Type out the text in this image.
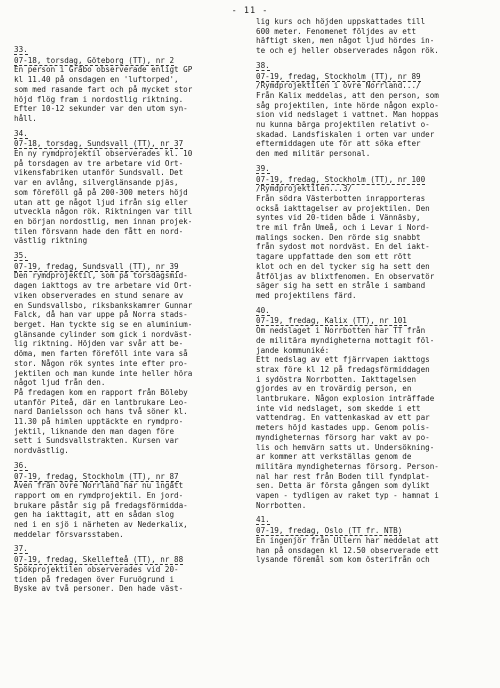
- 11 -
33.
07-18, torsdag, Göteborg (TT), nr 2
En person i Gråbo observerade enligt GP
kl 11.40 på onsdagen en 'luftorped',
som med rasande fart och på mycket stor
höjd flög fram i nordostlig riktning.
Efter 10-12 sekunder var den utom syn-
håll.
34.
07-18, torsdag, Sundsvall (TT), nr 37
En ny rymdprojektil observerades kl. 10
på torsdagen av tre arbetare vid Ort-
vikensfabriken utanför Sundsvall. Det
var en avlång, silverglänsande pjäs,
som föreföll gå på 200-300 meters höjd
utan att ge något ljud ifrån sig eller
utveckla någon rök. Riktningen var till
en början nordostlig, men innan projek-
tilen försvann hade den fått en nord-
västlig riktning
35.
07-19, fredag, Sundsvall (TT), nr 39
Den rymdprojektil, som på torsdagsmid-
dagen iakttogs av tre arbetare vid Ort-
viken observerades en stund senare av
en Sundsvallsbo, riksbankskamrer Gunnar
Falck, då han var uppe på Norra stads-
berget. Han tyckte sig se en aluminium-
glänsande cylinder som gick i nordväst-
lig riktning. Höjden var svår att be-
döma, men farten föreföll inte vara så
stor. Någon rök syntes inte efter pro-
jektilen och man kunde inte heller höra
något ljud från den.
På fredagen kom en rapport från Böleby
utanför Piteå, där en lantbrukare Leo-
nard Danielsson och hans två söner kl.
11.30 på himlen upptäckte en rymdpro-
jektil, liknande den man dagen före
sett i Sundsvallstrakten. Kursen var
nordvästlig.
36.
07-19, fredag, Stockholm (TT), nr 87
Även från övre Norrland har nu ingått
rapport om en rymdprojektil. En jord-
brukare påstår sig på fredagsförmidda-
gen ha iakttagit, att en sådan slog
ned i en sjö i närheten av Nederkalix,
meddelar försvarsstaben.
37.
07-19, fredag, Skellefteå (TT), nr 88
Spökprojektilen observerades vid 20-
tiden på fredagen över Furuögrund i
Byske av två personer. Den hade väst-
lig kurs och höjden uppskattades till
600 meter. Fenomenet följdes av ett
häftigt sken, men något ljud hördes in-
te och ej heller observerades någon rök.
38.
07-19, fredag, Stockholm (TT), nr 89
/Rymdprojektilen i övre Norrland.../
Från Kalix meddelas, att den person, som
såg projektilen, inte hörde någon explo-
sion vid nedslaget i vattnet. Man hoppas
nu kunna bärga projektilen relativt o-
skadad. Landsfiskalen i orten var under
eftermiddagen ute för att söka efter
den med militär personal.
39.
07-19, fredag, Stockholm (TT), nr 100
/Rymdprojektilen...3/
Från södra Västerbotten inrapporteras
också iakttagelser av projektilen. Den
syntes vid 20-tiden både i Vännäsby,
tre mil från Umeå, och i Levar i Nord-
malings socken. Den rörde sig snabbt
från sydost mot nordväst. En del iakt-
tagare uppfattade den som ett rött
klot och en del tycker sig ha sett den
åtföljas av blixtfenomen. En observatör
säger sig ha sett en stråle i samband
med projektilens färd.
40.
07-19, fredag, Kalix (TT), nr 101
Om nedslaget i Norrbotten har TT från
de militära myndigheterna mottagit föl-
jande kommuniké:
Ett nedslag av ett fjärrvapen iakttogs
strax före kl 12 på fredagsförmiddagen
i sydöstra Norrbotten. Iakttagelsen
gjordes av en trovärdig person, en
lantbrukare. Någon explosion inträffade
inte vid nedslaget, som skedde i ett
vattendrag. En vattenkaskad av ett par
meters höjd kastades upp. Genom polis-
myndigheternas försorg har vakt av po-
lis och hemvärn satts ut. Undersökning-
ar kommer att verkställas genom de
militära myndigheternas försorg. Person-
nal har rest från Boden till fyndplat-
sen. Detta är första gången som dylikt
vapen - tydligen av raket typ - hamnat i
Norrbotten.
41.
07-19, fredag, Oslo (TT fr. NTB)
En ingenjör från Ullern har meddelat att
han på onsdagen kl 12.50 observerade ett
lysande föremål som kom österifrån och
